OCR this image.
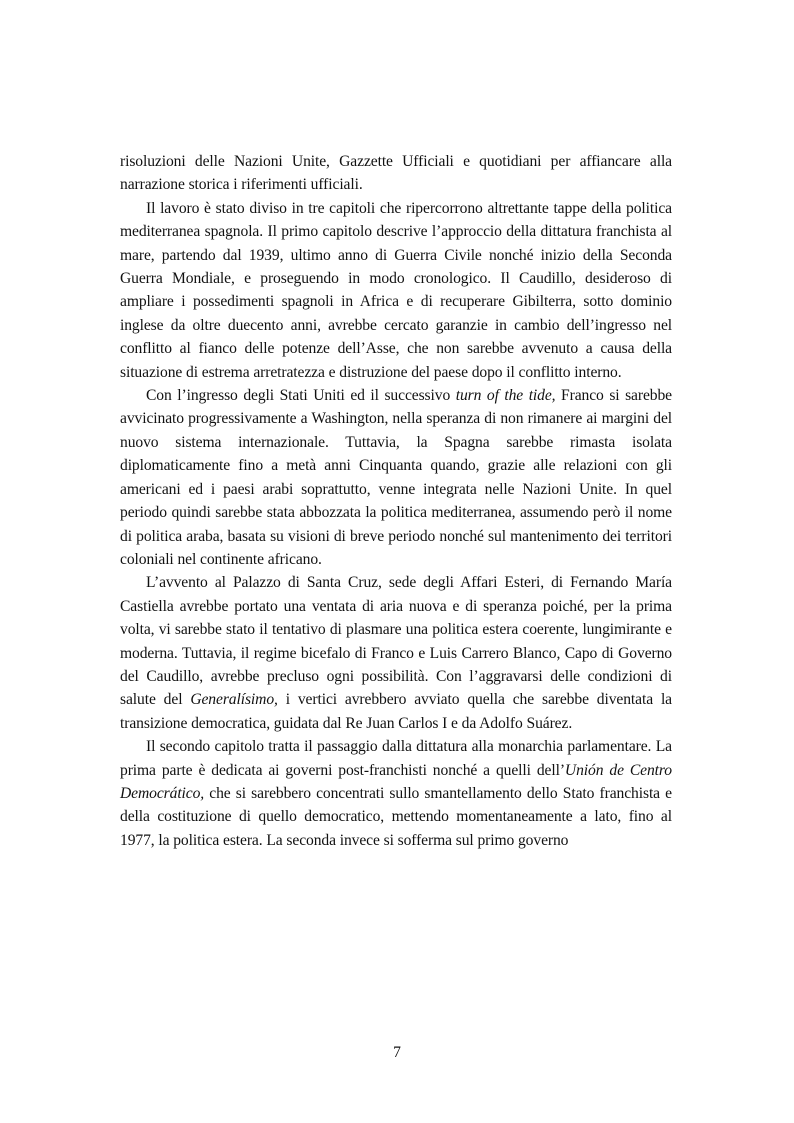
risoluzioni delle Nazioni Unite, Gazzette Ufficiali e quotidiani per affiancare alla narrazione storica i riferimenti ufficiali.

Il lavoro è stato diviso in tre capitoli che ripercorrono altrettante tappe della politica mediterranea spagnola. Il primo capitolo descrive l’approccio della dittatura franchista al mare, partendo dal 1939, ultimo anno di Guerra Civile nonché inizio della Seconda Guerra Mondiale, e proseguendo in modo cronologico. Il Caudillo, desideroso di ampliare i possedimenti spagnoli in Africa e di recuperare Gibilterra, sotto dominio inglese da oltre duecento anni, avrebbe cercato garanzie in cambio dell’ingresso nel conflitto al fianco delle potenze dell’Asse, che non sarebbe avvenuto a causa della situazione di estrema arretratezza e distruzione del paese dopo il conflitto interno.

Con l’ingresso degli Stati Uniti ed il successivo turn of the tide, Franco si sarebbe avvicinato progressivamente a Washington, nella speranza di non rimanere ai margini del nuovo sistema internazionale. Tuttavia, la Spagna sarebbe rimasta isolata diplomaticamente fino a metà anni Cinquanta quando, grazie alle relazioni con gli americani ed i paesi arabi soprattutto, venne integrata nelle Nazioni Unite. In quel periodo quindi sarebbe stata abbozzata la politica mediterranea, assumendo però il nome di politica araba, basata su visioni di breve periodo nonché sul mantenimento dei territori coloniali nel continente africano.

L’avvento al Palazzo di Santa Cruz, sede degli Affari Esteri, di Fernando María Castiella avrebbe portato una ventata di aria nuova e di speranza poiché, per la prima volta, vi sarebbe stato il tentativo di plasmare una politica estera coerente, lungimirante e moderna. Tuttavia, il regime bicefalo di Franco e Luis Carrero Blanco, Capo di Governo del Caudillo, avrebbe precluso ogni possibilità. Con l’aggravarsi delle condizioni di salute del Generalísimo, i vertici avrebbero avviato quella che sarebbe diventata la transizione democratica, guidata dal Re Juan Carlos I e da Adolfo Suárez.

Il secondo capitolo tratta il passaggio dalla dittatura alla monarchia parlamentare. La prima parte è dedicata ai governi post-franchisti nonché a quelli dell’Unión de Centro Democrático, che si sarebbero concentrati sullo smantellamento dello Stato franchista e della costituzione di quello democratico, mettendo momentaneamente a lato, fino al 1977, la politica estera. La seconda invece si sofferma sul primo governo

7
